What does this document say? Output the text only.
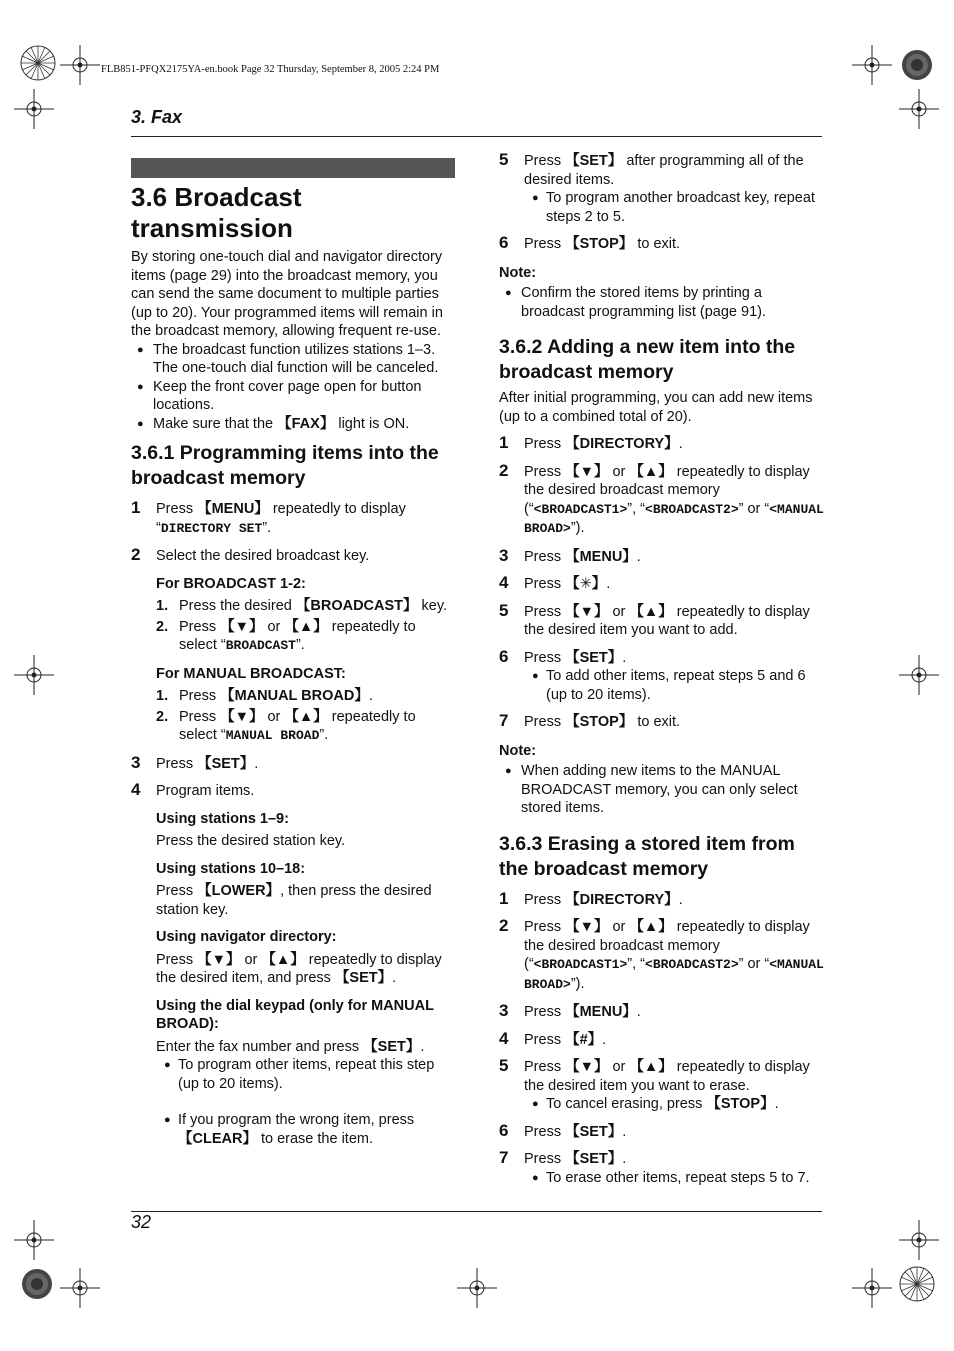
FLB851-PFQX2175YA-en.book Page 32 Thursday, September 8, 2005 2:24 PM
3. Fax
3.6 Broadcast transmission

By storing one-touch dial and navigator directory items (page 29) into the broadcast memory, you can send the same document to multiple parties (up to 20). Your programmed items will remain in the broadcast memory, allowing frequent re-use.

● The broadcast function utilizes stations 1–3. The one-touch dial function will be canceled.

● Keep the front cover page open for button locations.

● Make sure that the 【FAX】 light is ON.

3.6.1 Programming items into the broadcast memory

1 Press 【MENU】 repeatedly to display “DIRECTORY SET”.

2 Select the desired broadcast key.

For BROADCAST 1-2:

1. Press the desired 【BROADCAST】 key.

2. Press 【▼】 or 【▲】 repeatedly to select “BROADCAST”.

For MANUAL BROADCAST:

1. Press 【MANUAL BROAD】.

2. Press 【▼】 or 【▲】 repeatedly to select “MANUAL BROAD”.

3 Press 【SET】.

4 Program items.

Using stations 1–9:

Press the desired station key.

Using stations 10–18:

Press 【LOWER】, then press the desired station key.

Using navigator directory:

Press 【▼】 or 【▲】 repeatedly to display the desired item, and press 【SET】.

Using the dial keypad (only for MANUAL BROAD):

Enter the fax number and press 【SET】.

● To program other items, repeat this step (up to 20 items).

● If you program the wrong item, press 【CLEAR】 to erase the item.

5 Press 【SET】 after programming all of the desired items.

● To program another broadcast key, repeat steps 2 to 5.

6 Press 【STOP】 to exit.

Note:

● Confirm the stored items by printing a broadcast programming list (page 91).

3.6.2 Adding a new item into the broadcast memory

After initial programming, you can add new items (up to a combined total of 20).

1 Press 【DIRECTORY】.

2 Press 【▼】 or 【▲】 repeatedly to display the desired broadcast memory (“<BROADCAST1>”, “<BROADCAST2>” or “<MANUAL BROAD>”).

3 Press 【MENU】.

4 Press 【✳】.

5 Press 【▼】 or 【▲】 repeatedly to display the desired item you want to add.

6 Press 【SET】.

● To add other items, repeat steps 5 and 6 (up to 20 items).

7 Press 【STOP】 to exit.

Note:

● When adding new items to the MANUAL BROADCAST memory, you can only select stored items.

3.6.3 Erasing a stored item from the broadcast memory

1 Press 【DIRECTORY】.

2 Press 【▼】 or 【▲】 repeatedly to display the desired broadcast memory (“<BROADCAST1>”, “<BROADCAST2>” or “<MANUAL BROAD>”).

3 Press 【MENU】.

4 Press 【#】.

5 Press 【▼】 or 【▲】 repeatedly to display the desired item you want to erase.

● To cancel erasing, press 【STOP】.

6 Press 【SET】.

7 Press 【SET】.

● To erase other items, repeat steps 5 to 7.

32
